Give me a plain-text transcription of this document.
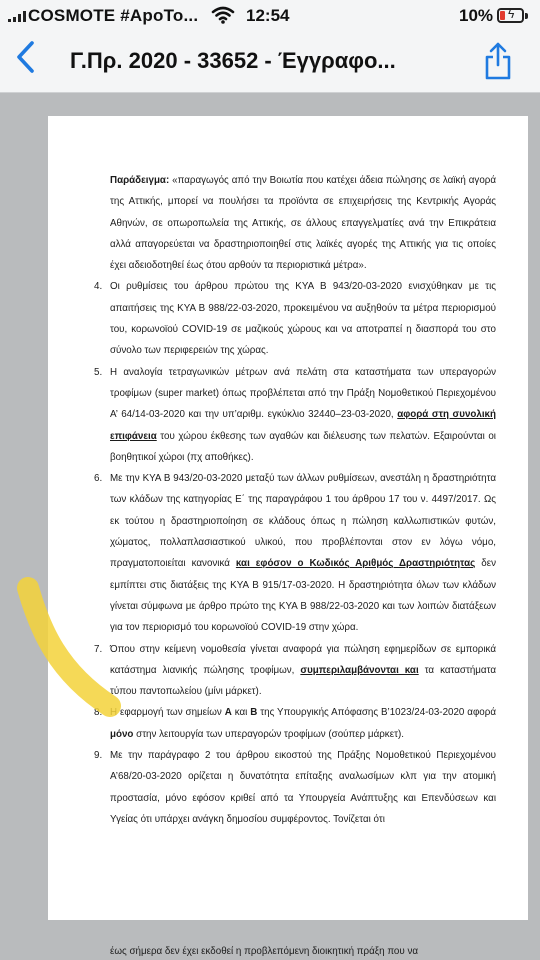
COSMOTE #ΑpoTo...	12:54	10% ϟ
Γ.Πρ. 2020 - 33652 - Έγγραφο...

Παράδειγμα: «παραγωγός από την Βοιωτία που κατέχει άδεια πώλησης σε λαϊκή αγορά της Αττικής, μπορεί να πουλήσει τα προϊόντα σε επιχειρήσεις της Κεντρικής Αγοράς Αθηνών, σε οπωροπωλεία της Αττικής, σε άλλους επαγγελματίες ανά την Επικράτεια αλλά απαγορεύεται να δραστηριοποιηθεί στις λαϊκές αγορές της Αττικής για τις οποίες έχει αδειοδοτηθεί έως ότου αρθούν τα περιοριστικά μέτρα».

4. Οι ρυθμίσεις του άρθρου πρώτου της ΚΥΑ Β 943/20-03-2020 ενισχύθηκαν με τις απαιτήσεις της ΚΥΑ Β 988/22-03-2020, προκειμένου να αυξηθούν τα μέτρα περιορισμού του, κορωνοϊού COVID-19 σε μαζικούς χώρους και να αποτραπεί η διασπορά του στο σύνολο των περιφερειών της χώρας.

5. Η αναλογία τετραγωνικών μέτρων ανά πελάτη στα καταστήματα των υπεραγορών τροφίμων (super market) όπως προβλέπεται από την Πράξη Νομοθετικού Περιεχομένου Α’ 64/14-03-2020 και την υπ’αριθμ. εγκύκλιο 32440–23-03-2020, αφορά στη συνολική επιφάνεια του χώρου έκθεσης των αγαθών και διέλευσης των πελατών. Εξαιρούνται οι βοηθητικοί χώροι (πχ αποθήκες).

6. Με την ΚΥΑ Β 943/20-03-2020 μεταξύ των άλλων ρυθμίσεων, ανεστάλη η δραστηριότητα των κλάδων της κατηγορίας Ε΄ της παραγράφου 1 του άρθρου 17 του ν. 4497/2017. Ως εκ τούτου η δραστηριοποίηση σε κλάδους όπως η πώληση καλλωπιστικών φυτών, χώματος, πολλαπλασιαστικού υλικού, που προβλέπονται στον εν λόγω νόμο, πραγματοποιείται κανονικά και εφόσον ο Κωδικός Αριθμός Δραστηριότητας δεν εμπίπτει στις διατάξεις της ΚΥΑ Β 915/17-03-2020. Η δραστηριότητα όλων των κλάδων γίνεται σύμφωνα με άρθρο πρώτο της ΚΥΑ Β 988/22-03-2020 και των λοιπών διατάξεων για τον περιορισμό του κορωνοϊού COVID-19 στην χώρα.

7. Όπου στην κείμενη νομοθεσία γίνεται αναφορά για πώληση εφημερίδων σε εμπορικά κατάστημα λιανικής πώλησης τροφίμων, συμπεριλαμβάνονται και τα καταστήματα τύπου παντοπωλείου (μίνι μάρκετ).

8. Η εφαρμογή των σημείων Α και Β της Υπουργικής Απόφασης Β’1023/24-03-2020 αφορά μόνο στην λειτουργία των υπεραγορών τροφίμων (σούπερ μάρκετ).

9. Με την παράγραφο 2 του άρθρου εικοστού της Πράξης Νομοθετικού Περιεχομένου Α’68/20-03-2020 ορίζεται η δυνατότητα επίταξης αναλωσίμων κλπ για την ατομική προστασία, μόνο εφόσον κριθεί από τα Υπουργεία Ανάπτυξης και Επενδύσεων και Υγείας ότι υπάρχει ανάγκη δημοσίου συμφέροντος. Τονίζεται ότι

έως σήμερα δεν έχει εκδοθεί η προβλεπόμενη διοικητική πράξη που να
